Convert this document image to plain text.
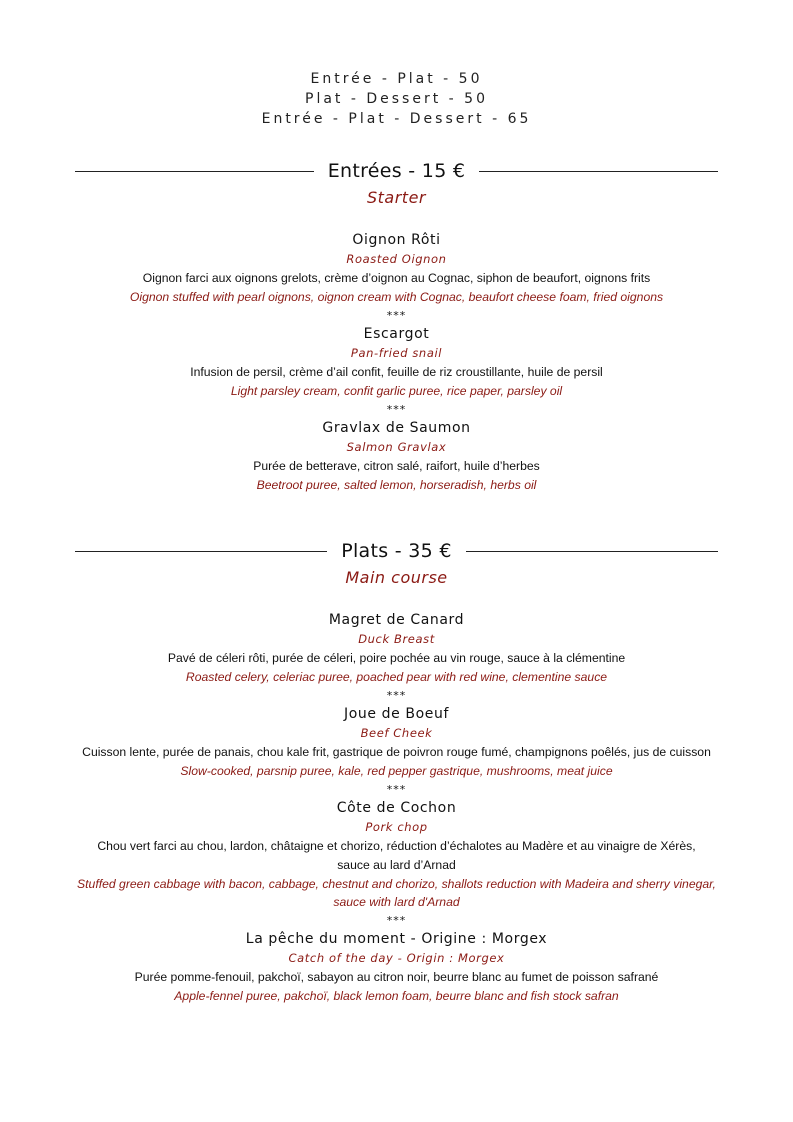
Entrée - Plat - 50
Plat - Dessert - 50
Entrée - Plat - Dessert - 65
Entrées - 15 €
Starter
Oignon Rôti
Roasted Oignon
Oignon farci aux oignons grelots, crème d’oignon au Cognac, siphon de beaufort, oignons frits
Oignon stuffed with pearl oignons, oignon cream with Cognac, beaufort cheese foam, fried oignons
***
Escargot
Pan-fried snail
Infusion de persil, crème d’ail confit, feuille de riz croustillante, huile de persil
Light parsley cream, confit garlic puree, rice paper, parsley oil
***
Gravlax de Saumon
Salmon Gravlax
Purée de betterave, citron salé, raifort, huile d’herbes
Beetroot puree, salted lemon, horseradish, herbs oil
Plats - 35 €
Main course
Magret de Canard
Duck Breast
Pavé de céleri rôti, purée de céleri, poire pochée au vin rouge, sauce à la clémentine
Roasted celery, celeriac puree, poached pear with red wine, clementine sauce
***
Joue de Boeuf
Beef Cheek
Cuisson lente, purée de panais, chou kale frit, gastrique de poivron rouge fumé, champignons poêlés, jus de cuisson
Slow-cooked, parsnip puree, kale, red pepper gastrique, mushrooms, meat juice
***
Côte de Cochon
Pork chop
Chou vert farci au chou, lardon, châtaigne et chorizo, réduction d’échalotes au Madère et au vinaigre de Xérès,
sauce au lard d’Arnad
Stuffed green cabbage with bacon, cabbage, chestnut and chorizo, shallots reduction with Madeira and sherry vinegar,
sauce with lard d'Arnad
***
La pêche du moment - Origine : Morgex
Catch of the day - Origin : Morgex
Purée pomme-fenouil, pakchoï, sabayon au citron noir, beurre blanc au fumet de poisson safrané
Apple-fennel puree, pakchoï, black lemon foam, beurre blanc and fish stock safran
